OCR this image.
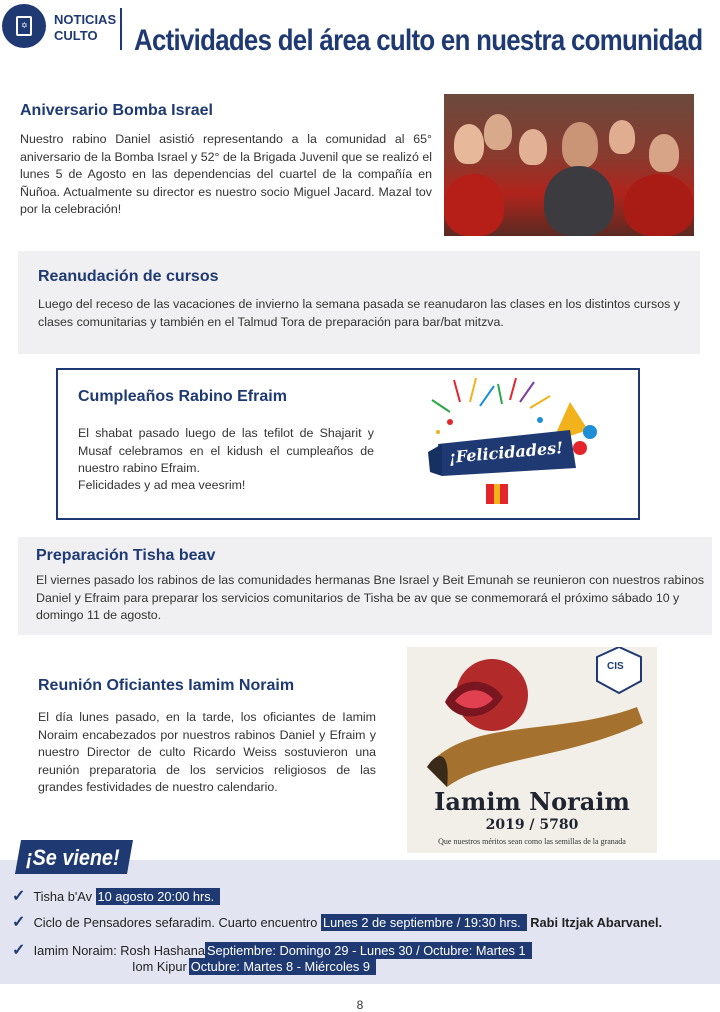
✡ NOTICIAS
CULTO	Actividades del área culto en nuestra comunidad
Aniversario Bomba Israel

Nuestro rabino Daniel asistió representando a la comunidad al 65° aniversario de la Bomba Israel y 52° de la Brigada Juvenil que se realizó el lunes 5 de Agosto en las dependencias del cuartel de la compañía en Ñuñoa. Actualmente su director es nuestro socio Miguel Jacard. Mazal tov por la celebración!

Reanudación de cursos

Luego del receso de las vacaciones de invierno la semana pasada se reanudaron las clases en los distintos cursos y clases comunitarias y también en el Talmud Tora de preparación para bar/bat mitzva.

Cumpleaños Rabino Efraim

El shabat pasado luego de las tefilot de Shajarit y Musaf celebramos en el kidush el cumpleaños de nuestro rabino Efraim.

Felicidades y ad mea veesrim!

¡Felicidades!
Preparación Tisha beav

El viernes pasado los rabinos de las comunidades hermanas Bne Israel y Beit Emunah se reunieron con nuestros rabinos Daniel y Efraim para preparar los servicios comunitarios de Tisha be av que se conmemorará el próximo sábado 10 y domingo 11 de agosto.

Reunión Oficiantes Iamim Noraim

El día lunes pasado, en la tarde, los oficiantes de Iamim Noraim encabezados por nuestros rabinos Daniel y Efraim y nuestro Director de culto Ricardo Weiss sostuvieron una reunión preparatoria de los servicios religiosos de las grandes festividades de nuestro calendario.

CIS
Iamim Noraim
2019 / 5780
Que nuestros méritos sean como las semillas de la granada
¡Se viene!
✓ Tisha b'Av 10 agosto 20:00 hrs.
✓ Ciclo de Pensadores sefaradim. Cuarto encuentro Lunes 2 de septiembre / 19:30 hrs. Rabi Itzjak Abarvanel.
✓ Iamim Noraim: Rosh Hashana Septiembre: Domingo 29 - Lunes 30 / Octubre: Martes 1
Iom Kipur Octubre: Martes 8 - Miércoles 9
8
